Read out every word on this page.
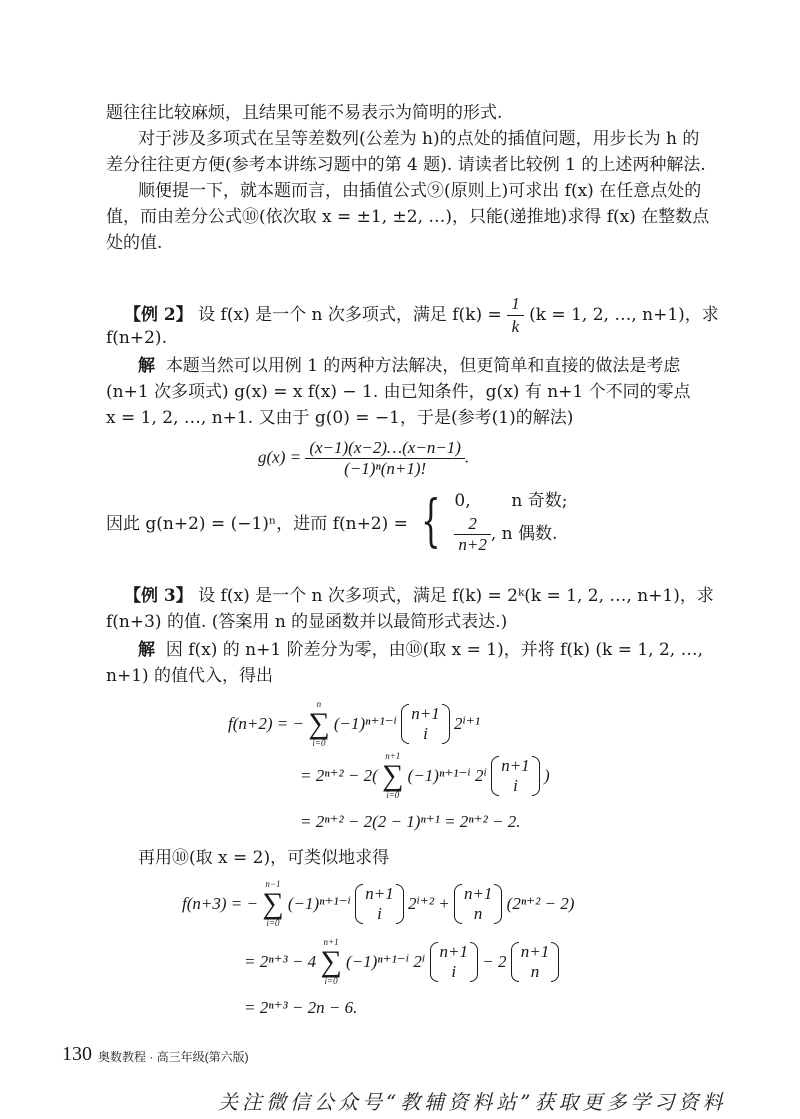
题往往比较麻烦，且结果可能不易表示为简明的形式.
对于涉及多项式在呈等差数列(公差为 h)的点处的插值问题，用步长为 h 的
差分往往更方便(参考本讲练习题中的第 4 题). 请读者比较例 1 的上述两种解法.
顺便提一下，就本题而言，由插值公式⑨(原则上)可求出 f(x) 在任意点处的
值，而由差分公式⑩(依次取 x = ±1, ±2, …)，只能(递推地)求得 f(x) 在整数点
处的值.
【例 2】 设 f(x) 是一个 n 次多项式，满足 $f(k) = \frac{1}{k} (k = 1$, 2, …, n+1)，求
f(n+2).
解 本题当然可以用例 1 的两种方法解决，但更简单和直接的做法是考虑
(n+1 次多项式) g(x) = x f(x) − 1. 由已知条件，g(x) 有 n+1 个不同的零点
x = 1, 2, …, n+1. 又由于 g(0) = −1，于是(参考(1)的解法)
$g(x) = \frac{(x-1)(x-2)\dots(x-n-1)}{\text{(−1)ⁿ(n+1)!}}$ .
因此 g(n+2) = (−1)ⁿ，进而 f(n+2) = { 0, n 奇数;
$\frac{2}{n+2}$ , n 偶数.
【例 3】 设 f(x) 是一个 n 次多项式，满足 f(k) = 2ᵏ(k = 1, 2, …, n+1)，求
f(n+3) 的值. (答案用 n 的显函数并以最简形式表达.)
解 因 f(x) 的 n+1 阶差分为零，由⑩(取 x = 1)，并将 f(k) (k = 1, 2, …,
n+1) 的值代入，得出
f(n+2) = −
n
∑
i=0
(−1)ⁿ⁺¹⁻ⁱ
n+1
i
2ⁱ⁺¹
= 2ⁿ⁺² − 2(
n+1
∑
i=0
(−1)ⁿ⁺¹⁻ⁱ 2ⁱ
n+1
i
)
= 2ⁿ⁺² − 2(2 − 1)ⁿ⁺¹ = 2ⁿ⁺² − 2.
再用⑩(取 x = 2)，可类似地求得
f(n+3) = −
n−1
∑
i=0
(−1)ⁿ⁺¹⁻ⁱ
n+1
i
2ⁱ⁺² +
n+1
n
(2ⁿ⁺² − 2)
= 2ⁿ⁺³ − 4
n+1
∑
i=0
(−1)ⁿ⁺¹⁻ⁱ 2ⁱ
n+1
i
− 2
n+1
n
= 2ⁿ⁺³ − 2n − 6.
130 奥数教程 · 高三年级(第六版)
关注微信公众号“教辅资料站”获取更多学习资料
